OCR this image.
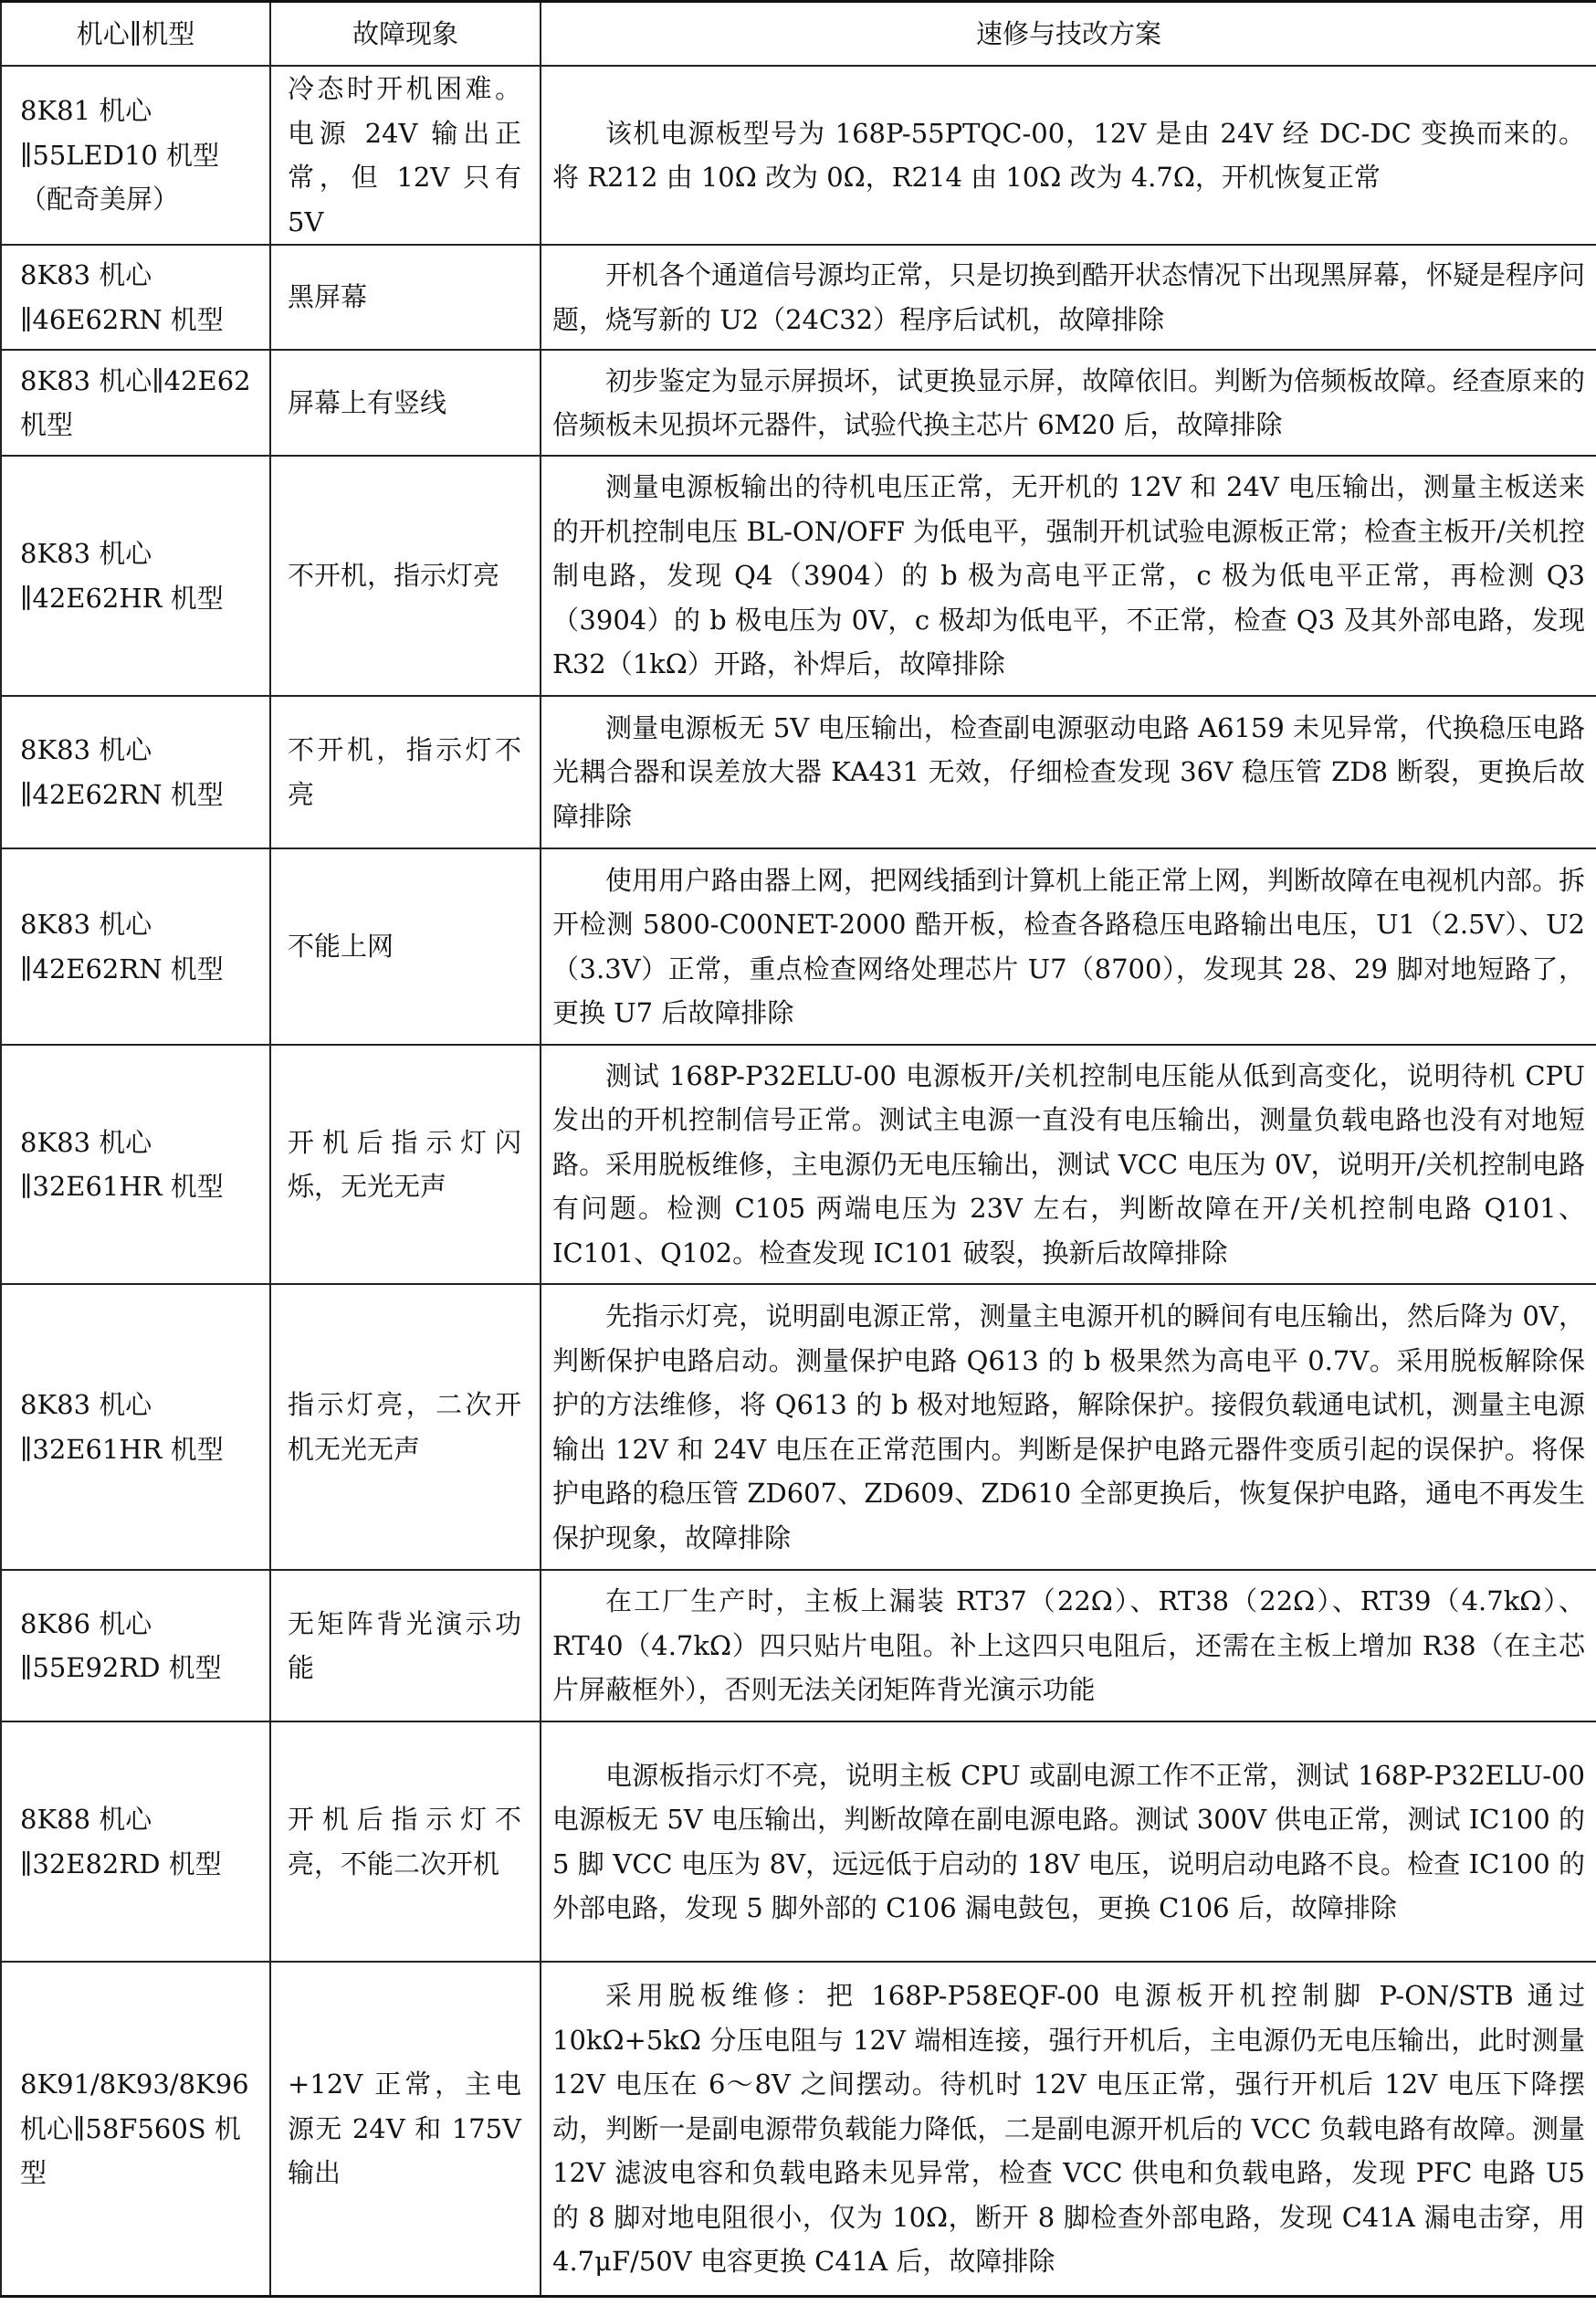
机心∥机型	故障现象	速修与技改方案
8K81 机心∥55LED10 机型（配奇美屏）	冷态时开机困难。电源 24V 输出正常，但 12V 只有 5V	该机电源板型号为 168P-55PTQC-00，12V 是由 24V 经 DC-DC 变换而来的。将 R212 由 10Ω 改为 0Ω，R214 由 10Ω 改为 4.7Ω，开机恢复正常
8K83 机心∥46E62RN 机型	黑屏幕	开机各个通道信号源均正常，只是切换到酷开状态情况下出现黑屏幕，怀疑是程序问题，烧写新的 U2（24C32）程序后试机，故障排除
8K83 机心∥42E62 机型	屏幕上有竖线	初步鉴定为显示屏损坏，试更换显示屏，故障依旧。判断为倍频板故障。经查原来的倍频板未见损坏元器件，试验代换主芯片 6M20 后，故障排除
8K83 机心∥42E62HR 机型	不开机，指示灯亮	测量电源板输出的待机电压正常，无开机的 12V 和 24V 电压输出，测量主板送来的开机控制电压 BL-ON/OFF 为低电平，强制开机试验电源板正常；检查主板开/关机控制电路，发现 Q4（3904）的 b 极为高电平正常，c 极为低电平正常，再检测 Q3（3904）的 b 极电压为 0V，c 极却为低电平，不正常，检查 Q3 及其外部电路，发现 R32（1kΩ）开路，补焊后，故障排除
8K83 机心∥42E62RN 机型	不开机，指示灯不亮	测量电源板无 5V 电压输出，检查副电源驱动电路 A6159 未见异常，代换稳压电路光耦合器和误差放大器 KA431 无效，仔细检查发现 36V 稳压管 ZD8 断裂，更换后故障排除
8K83 机心∥42E62RN 机型	不能上网	使用用户路由器上网，把网线插到计算机上能正常上网，判断故障在电视机内部。拆开检测 5800-C00NET-2000 酷开板，检查各路稳压电路输出电压，U1（2.5V）、U2（3.3V）正常，重点检查网络处理芯片 U7（8700），发现其 28、29 脚对地短路了，更换 U7 后故障排除
8K83 机心∥32E61HR 机型	开机后指示灯闪烁，无光无声	测试 168P-P32ELU-00 电源板开/关机控制电压能从低到高变化，说明待机 CPU 发出的开机控制信号正常。测试主电源一直没有电压输出，测量负载电路也没有对地短路。采用脱板维修，主电源仍无电压输出，测试 VCC 电压为 0V，说明开/关机控制电路有问题。检测 C105 两端电压为 23V 左右，判断故障在开/关机控制电路 Q101、IC101、Q102。检查发现 IC101 破裂，换新后故障排除
8K83 机心∥32E61HR 机型	指示灯亮，二次开机无光无声	先指示灯亮，说明副电源正常，测量主电源开机的瞬间有电压输出，然后降为 0V，判断保护电路启动。测量保护电路 Q613 的 b 极果然为高电平 0.7V。采用脱板解除保护的方法维修，将 Q613 的 b 极对地短路，解除保护。接假负载通电试机，测量主电源输出 12V 和 24V 电压在正常范围内。判断是保护电路元器件变质引起的误保护。将保护电路的稳压管 ZD607、ZD609、ZD610 全部更换后，恢复保护电路，通电不再发生保护现象，故障排除
8K86 机心∥55E92RD 机型	无矩阵背光演示功能	在工厂生产时，主板上漏装 RT37（22Ω）、RT38（22Ω）、RT39（4.7kΩ）、RT40（4.7kΩ）四只贴片电阻。补上这四只电阻后，还需在主板上增加 R38（在主芯片屏蔽框外），否则无法关闭矩阵背光演示功能
8K88 机心∥32E82RD 机型	开机后指示灯不亮，不能二次开机	电源板指示灯不亮，说明主板 CPU 或副电源工作不正常，测试 168P-P32ELU-00 电源板无 5V 电压输出，判断故障在副电源电路。测试 300V 供电正常，测试 IC100 的 5 脚 VCC 电压为 8V，远远低于启动的 18V 电压，说明启动电路不良。检查 IC100 的外部电路，发现 5 脚外部的 C106 漏电鼓包，更换 C106 后，故障排除
8K91/8K93/8K96 机心∥58F560S 机型	+12V 正常，主电源无 24V 和 175V 输出	采用脱板维修：把 168P-P58EQF-00 电源板开机控制脚 P-ON/STB 通过 10kΩ+5kΩ 分压电阻与 12V 端相连接，强行开机后，主电源仍无电压输出，此时测量 12V 电压在 6～8V 之间摆动。待机时 12V 电压正常，强行开机后 12V 电压下降摆动，判断一是副电源带负载能力降低，二是副电源开机后的 VCC 负载电路有故障。测量 12V 滤波电容和负载电路未见异常，检查 VCC 供电和负载电路，发现 PFC 电路 U5 的 8 脚对地电阻很小，仅为 10Ω，断开 8 脚检查外部电路，发现 C41A 漏电击穿，用 4.7μF/50V 电容更换 C41A 后，故障排除
